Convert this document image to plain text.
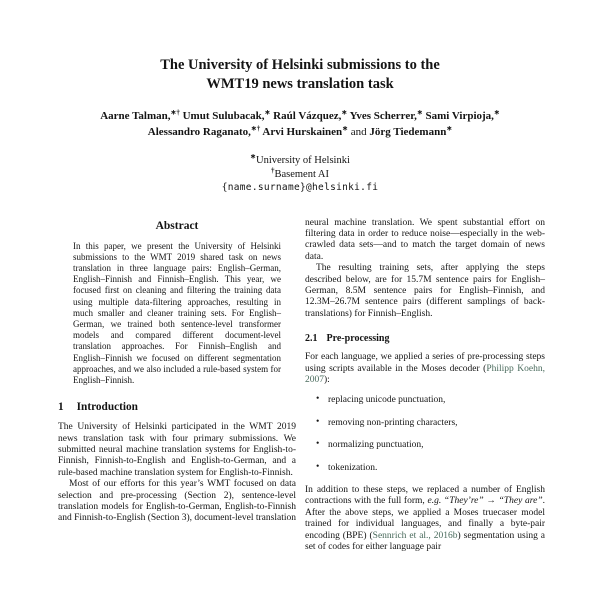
The University of Helsinki submissions to the
WMT19 news translation task
Aarne Talman,∗† Umut Sulubacak,∗ Raúl Vázquez,∗ Yves Scherrer,∗ Sami Virpioja,∗
Alessandro Raganato,∗† Arvi Hurskainen∗ and Jörg Tiedemann∗
∗University of Helsinki
†Basement AI
{name.surname}@helsinki.fi
Abstract

In this paper, we present the University of Helsinki submissions to the WMT 2019 shared task on news translation in three language pairs: English–German, English–Finnish and Finnish–English. This year, we focused first on cleaning and filtering the training data using multiple data-filtering approaches, resulting in much smaller and cleaner training sets. For English–German, we trained both sentence-level transformer models and compared different document-level translation approaches. For Finnish–English and English–Finnish we focused on different segmentation approaches, and we also included a rule-based system for English–Finnish.

1 Introduction

The University of Helsinki participated in the WMT 2019 news translation task with four primary submissions. We submitted neural machine translation systems for English-to-Finnish, Finnish-to-English and English-to-German, and a rule-based machine translation system for English-to-Finnish.

Most of our efforts for this year’s WMT focused on data selection and pre-processing (Section 2), sentence-level translation models for English-to-German, English-to-Finnish and Finnish-to-English (Section 3), document-level translation

neural machine translation. We spent substantial effort on filtering data in order to reduce noise—especially in the web-crawled data sets—and to match the target domain of news data.

The resulting training sets, after applying the steps described below, are for 15.7M sentence pairs for English–German, 8.5M sentence pairs for English–Finnish, and 12.3M–26.7M sentence pairs (different samplings of back-translations) for Finnish–English.

2.1 Pre-processing

For each language, we applied a series of pre-processing steps using scripts available in the Moses decoder (Philipp Koehn, 2007):

• replacing unicode punctuation,
• removing non-printing characters,
• normalizing punctuation,
• tokenization.

In addition to these steps, we replaced a number of English contractions with the full form, e.g. “They’re” → “They are”. After the above steps, we applied a Moses truecaser model trained for individual languages, and finally a byte-pair encoding (BPE) (Sennrich et al., 2016b) segmentation using a set of codes for either language pair
